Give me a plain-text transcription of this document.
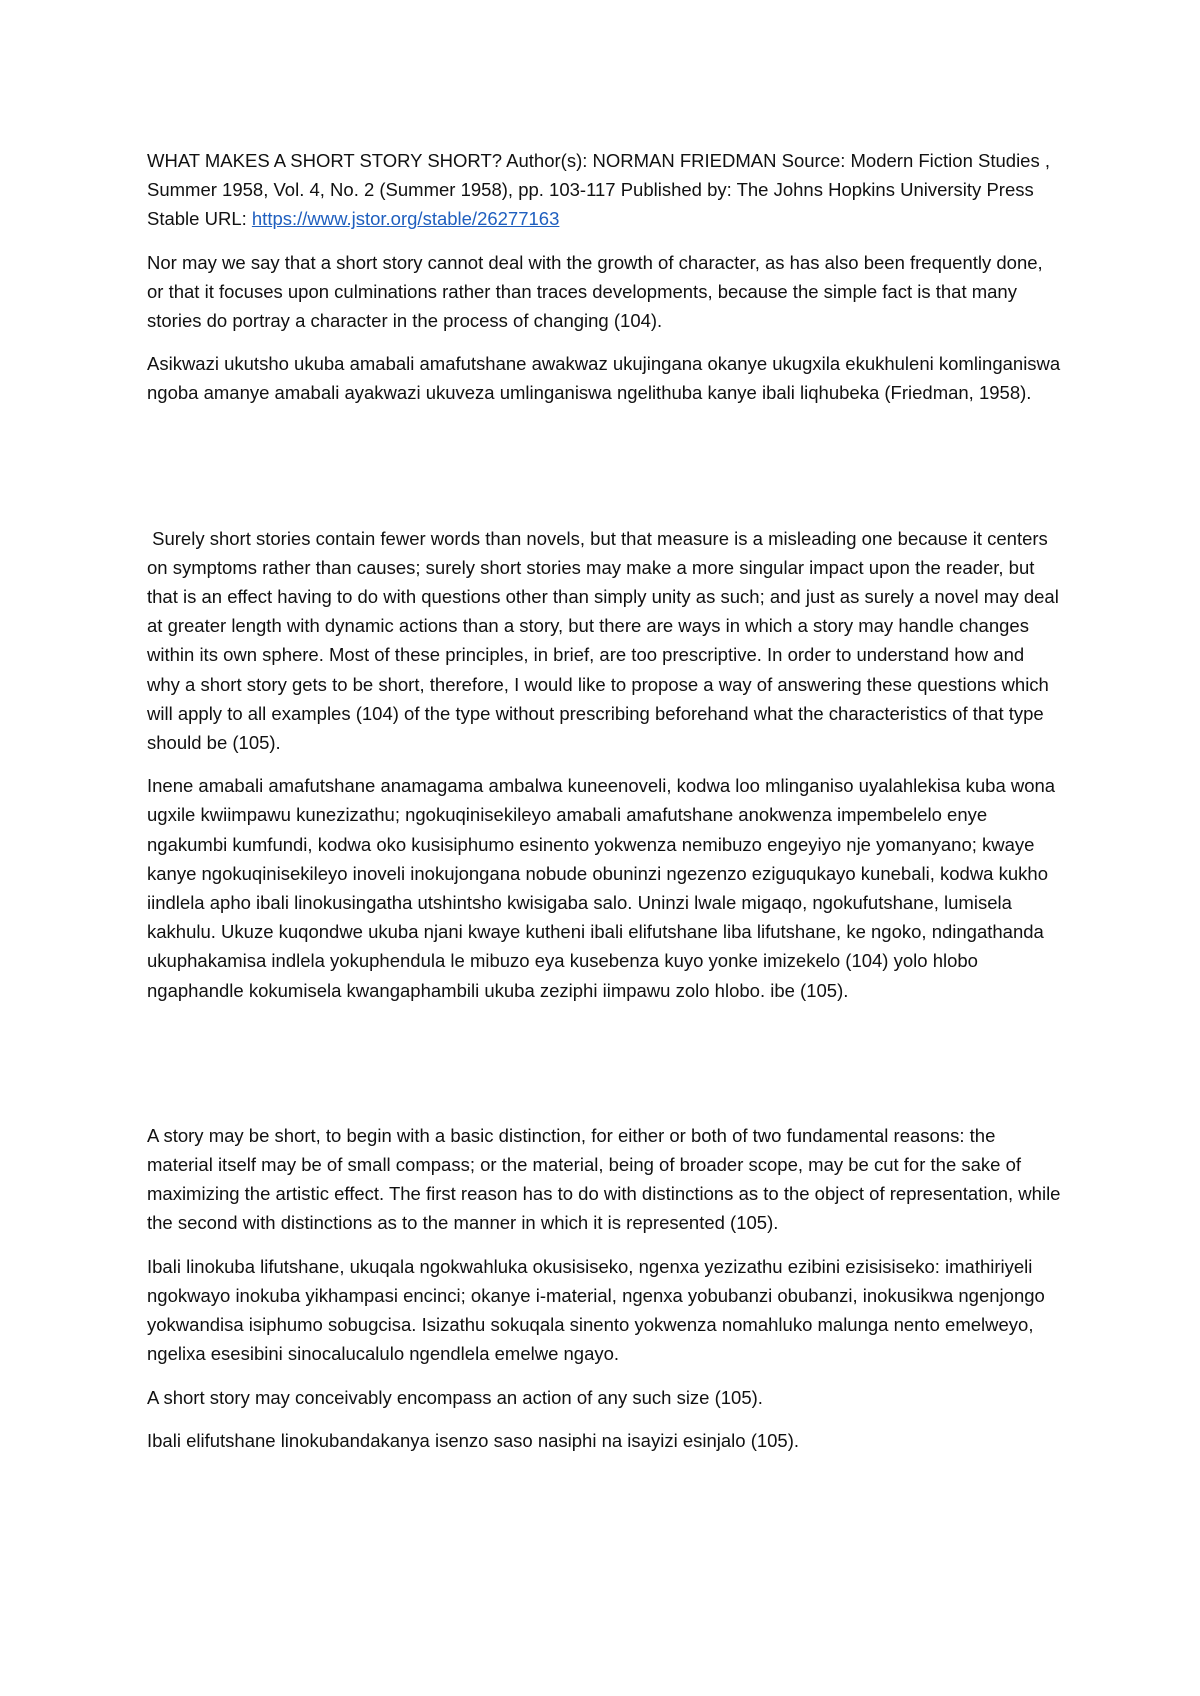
WHAT MAKES A SHORT STORY SHORT? Author(s): NORMAN FRIEDMAN Source: Modern Fiction Studies , Summer 1958, Vol. 4, No. 2 (Summer 1958), pp. 103-117 Published by: The Johns Hopkins University Press Stable URL: https://www.jstor.org/stable/26277163

Nor may we say that a short story cannot deal with the growth of character, as has also been frequently done, or that it focuses upon culminations rather than traces developments, because the simple fact is that many stories do portray a character in the process of changing (104).

Asikwazi ukutsho ukuba amabali amafutshane awakwaz ukujingana okanye ukugxila ekukhuleni komlinganiswa ngoba amanye amabali ayakwazi ukuveza umlinganiswa ngelithuba kanye ibali liqhubeka (Friedman, 1958).

Surely short stories contain fewer words than novels, but that measure is a misleading one because it centers on symptoms rather than causes; surely short stories may make a more singular impact upon the reader, but that is an effect having to do with questions other than simply unity as such; and just as surely a novel may deal at greater length with dynamic actions than a story, but there are ways in which a story may handle changes within its own sphere. Most of these principles, in brief, are too prescriptive. In order to understand how and why a short story gets to be short, therefore, I would like to propose a way of answering these questions which will apply to all examples (104) of the type without prescribing beforehand what the characteristics of that type should be (105).

Inene amabali amafutshane anamagama ambalwa kuneenoveli, kodwa loo mlinganiso uyalahlekisa kuba wona ugxile kwiimpawu kunezizathu; ngokuqinisekileyo amabali amafutshane anokwenza impembelelo enye ngakumbi kumfundi, kodwa oko kusisiphumo esinento yokwenza nemibuzo engeyiyo nje yomanyano; kwaye kanye ngokuqinisekileyo inoveli inokujongana nobude obuninzi ngezenzo eziguqukayo kunebali, kodwa kukho iindlela apho ibali linokusingatha utshintsho kwisigaba salo. Uninzi lwale migaqo, ngokufutshane, lumisela kakhulu. Ukuze kuqondwe ukuba njani kwaye kutheni ibali elifutshane liba lifutshane, ke ngoko, ndingathanda ukuphakamisa indlela yokuphendula le mibuzo eya kusebenza kuyo yonke imizekelo (104) yolo hlobo ngaphandle kokumisela kwangaphambili ukuba zeziphi iimpawu zolo hlobo. ibe (105).

A story may be short, to begin with a basic distinction, for either or both of two fundamental reasons: the material itself may be of small compass; or the material, being of broader scope, may be cut for the sake of maximizing the artistic effect. The first reason has to do with distinctions as to the object of representation, while the second with distinctions as to the manner in which it is represented (105).

Ibali linokuba lifutshane, ukuqala ngokwahluka okusisiseko, ngenxa yezizathu ezibini ezisisiseko: imathiriyeli ngokwayo inokuba yikhampasi encinci; okanye i-material, ngenxa yobubanzi obubanzi, inokusikwa ngenjongo yokwandisa isiphumo sobugcisa. Isizathu sokuqala sinento yokwenza nomahluko malunga nento emelweyo, ngelixa esesibini sinocalucalulo ngendlela emelwe ngayo.

A short story may conceivably encompass an action of any such size (105).

Ibali elifutshane linokubandakanya isenzo saso nasiphi na isayizi esinjalo (105).
